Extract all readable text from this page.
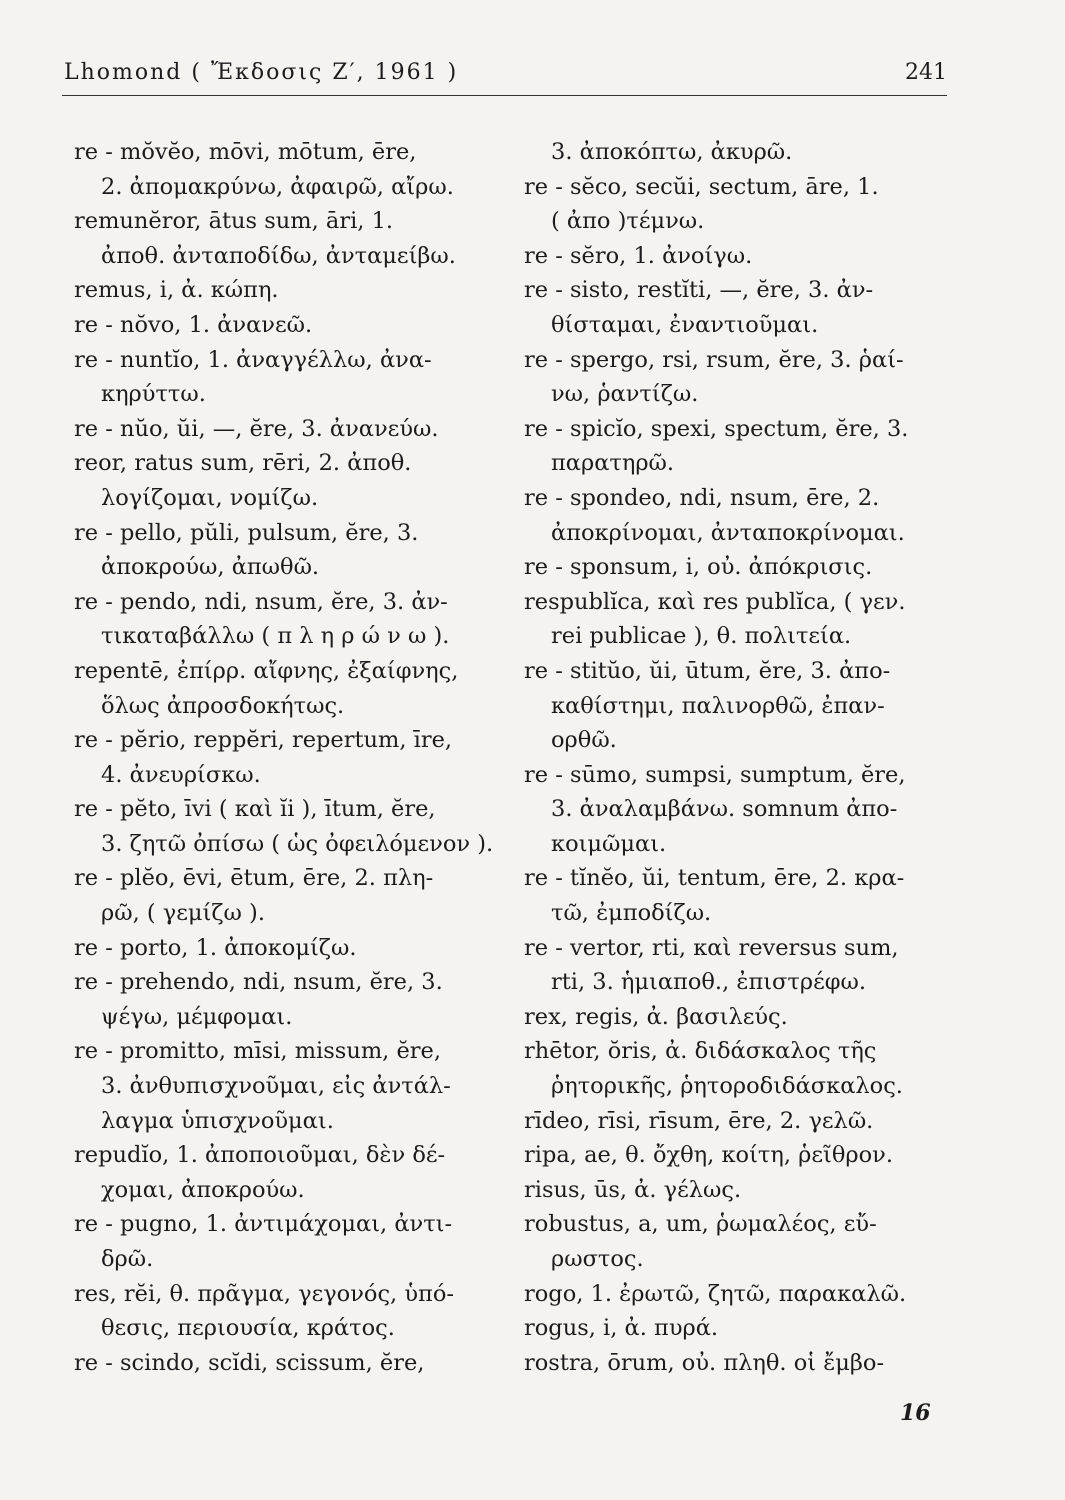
Lhomond ( Ἔκδοσις Ζ′, 1961 )	241
re - mŏvĕo, mōvi, mōtum, ēre,
2. ἀπομακρύνω, ἀφαιρῶ, αἴρω.
remunĕror, ātus sum, āri, 1.
ἀποθ. ἀνταποδίδω, ἀνταμείβω.
remus, i, ἀ. κώπη.
re - nŏvo, 1. ἀνανεῶ.
re - nuntĭo, 1. ἀναγγέλλω, ἀνα-
κηρύττω.
re - nŭo, ŭi, —, ĕre, 3. ἀνανεύω.
reor, ratus sum, rēri, 2. ἀποθ.
λογίζομαι, νομίζω.
re - pello, pŭli, pulsum, ĕre, 3.
ἀποκρούω, ἀπωθῶ.
re - pendo, ndi, nsum, ĕre, 3. ἀν-
τικαταβάλλω ( π λ η ρ ώ ν ω ).
repentē, ἐπίρρ. αἴφνης, ἐξαίφνης,
ὅλως ἀπροσδοκήτως.
re - pĕrio, reppĕri, repertum, īre,
4. ἀνευρίσκω.
re - pĕto, īvi ( καὶ ĭi ), ītum, ĕre,
3. ζητῶ ὀπίσω ( ὡς ὀφειλόμενον ).
re - plĕo, ēvi, ētum, ēre, 2. πλη-
ρῶ, ( γεμίζω ).
re - porto, 1. ἀποκομίζω.
re - prehendo, ndi, nsum, ĕre, 3.
ψέγω, μέμφομαι.
re - promitto, mīsi, missum, ĕre,
3. ἀνθυπισχνοῦμαι, εἰς ἀντάλ-
λαγμα ὑπισχνοῦμαι.
repudĭo, 1. ἀποποιοῦμαι, δὲν δέ-
χομαι, ἀποκρούω.
re - pugno, 1. ἀντιμάχομαι, ἀντι-
δρῶ.
res, rĕi, θ. πρᾶγμα, γεγονός, ὑπό-
θεσις, περιουσία, κράτος.
re - scindo, scĭdi, scissum, ĕre,
3. ἀποκόπτω, ἀκυρῶ.
re - sĕco, secŭi, sectum, āre, 1.
( ἀπο )τέμνω.
re - sĕro, 1. ἀνοίγω.
re - sisto, restĭti, —, ĕre, 3. ἀν-
θίσταμαι, ἐναντιοῦμαι.
re - spergo, rsi, rsum, ĕre, 3. ῥαί-
νω, ῥαντίζω.
re - spicĭo, spexi, spectum, ĕre, 3.
παρατηρῶ.
re - spondeo, ndi, nsum, ēre, 2.
ἀποκρίνομαι, ἀνταποκρίνομαι.
re - sponsum, i, οὐ. ἀπόκρισις.
respublĭca, καὶ res publĭca, ( γεν.
rei publicae ), θ. πολιτεία.
re - stitŭo, ŭi, ūtum, ĕre, 3. ἀπο-
καθίστημι, παλινορθῶ, ἐπαν-
ορθῶ.
re - sūmo, sumpsi, sumptum, ĕre,
3. ἀναλαμβάνω. somnum ἀπο-
κοιμῶμαι.
re - tĭnĕo, ŭi, tentum, ēre, 2. κρα-
τῶ, ἐμποδίζω.
re - vertor, rti, καὶ reversus sum,
rti, 3. ἡμιαποθ., ἐπιστρέφω.
rex, regis, ἀ. βασιλεύς.
rhētor, ŏris, ἀ. διδάσκαλος τῆς
ῥητορικῆς, ῥητοροδιδάσκαλος.
rīdeo, rīsi, rīsum, ēre, 2. γελῶ.
ripa, ae, θ. ὄχθη, κοίτη, ῥεῖθρον.
risus, ūs, ἀ. γέλως.
robustus, a, um, ῥωμαλέος, εὔ-
ρωστος.
rogo, 1. ἐρωτῶ, ζητῶ, παρακαλῶ.
rogus, i, ἀ. πυρά.
rostra, ōrum, οὐ. πληθ. οἱ ἔμβο-
16
